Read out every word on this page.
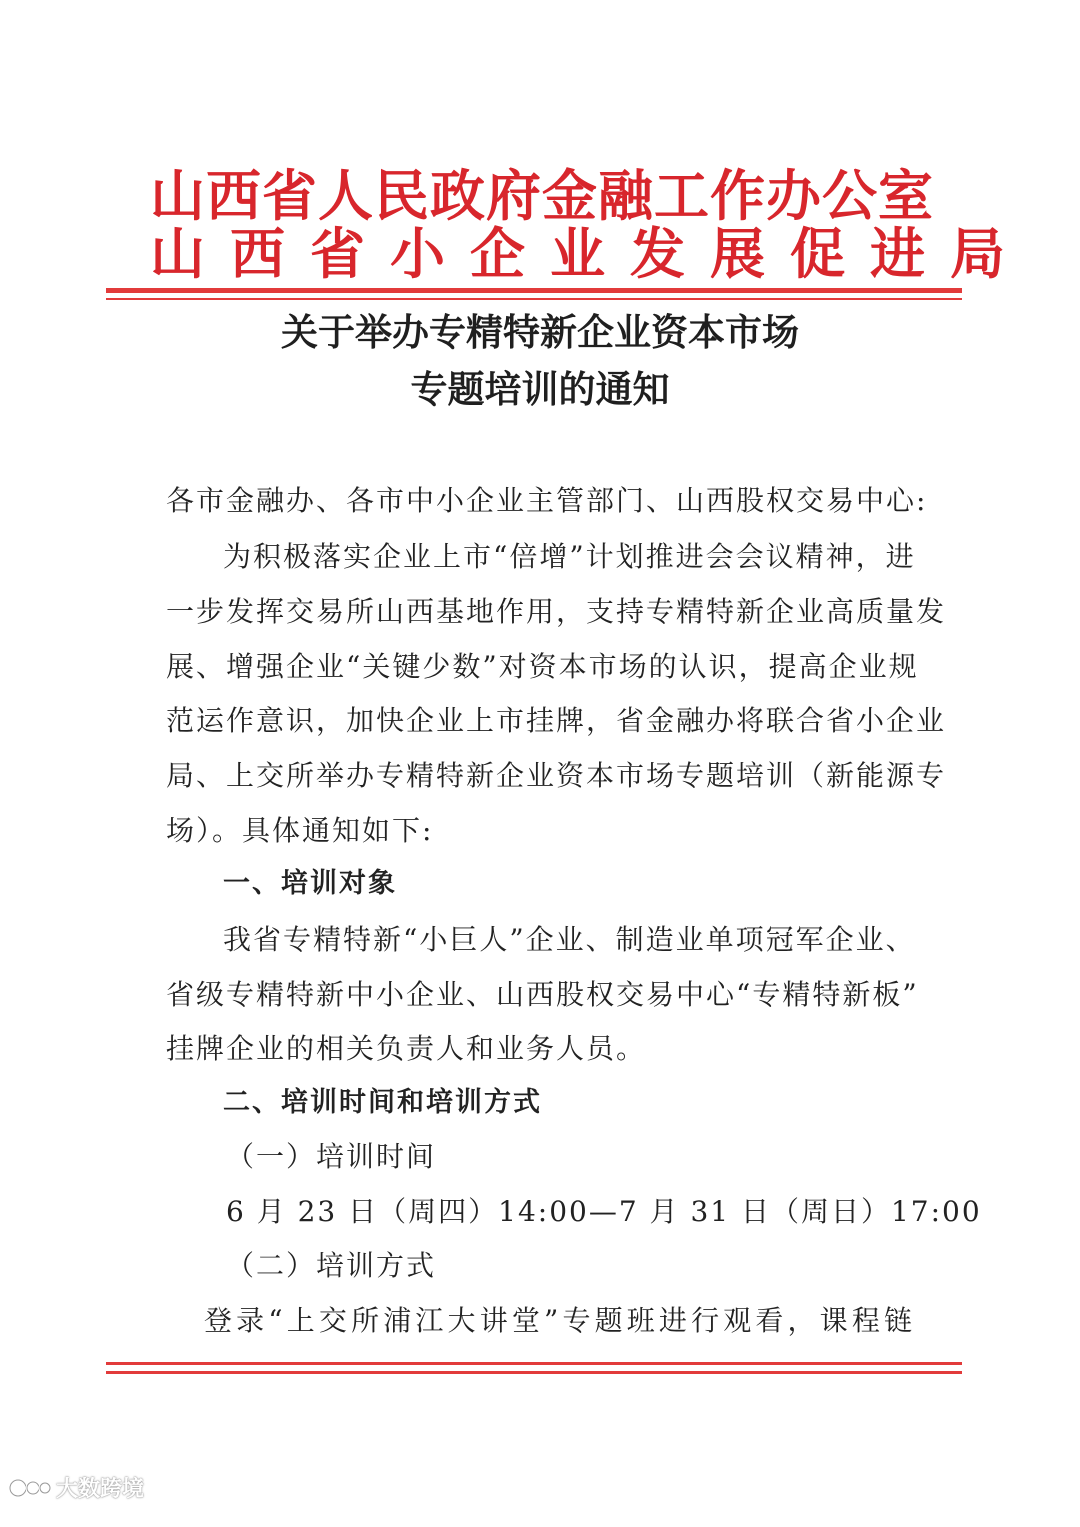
山西省人民政府金融工作办公室
山西省小企业发展促进局
关于举办专精特新企业资本市场
专题培训的通知
各市金融办、各市中小企业主管部门、山西股权交易中心:
为积极落实企业上市“倍增”计划推进会会议精神，进
一步发挥交易所山西基地作用，支持专精特新企业高质量发
展、增强企业“关键少数”对资本市场的认识，提高企业规
范运作意识，加快企业上市挂牌，省金融办将联合省小企业
局、上交所举办专精特新企业资本市场专题培训（新能源专
场）。具体通知如下:
一、培训对象
我省专精特新“小巨人”企业、制造业单项冠军企业、
省级专精特新中小企业、山西股权交易中心“专精特新板”
挂牌企业的相关负责人和业务人员。
二、培训时间和培训方式
（一）培训时间
6 月 23 日（周四）14:00—7 月 31 日（周日）17:00
（二）培训方式
登录“上交所浦江大讲堂”专题班进行观看，课程链
大数跨境
